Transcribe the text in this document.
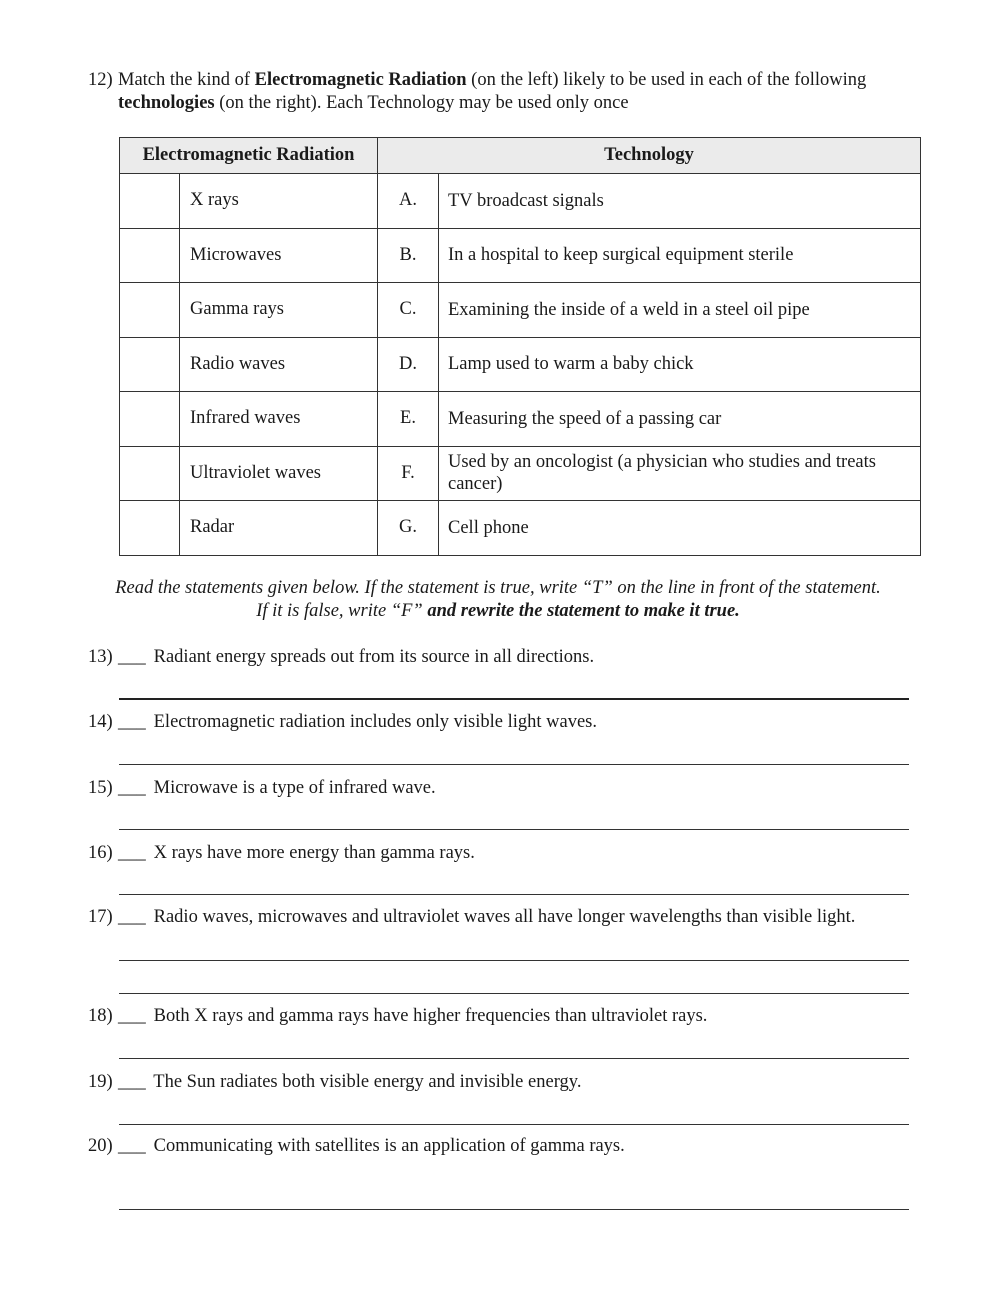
12) Match the kind of Electromagnetic Radiation (on the left) likely to be used in each of the following technologies (on the right). Each Technology may be used only once
Electromagnetic Radiation		Technology	
	X rays	A.	TV broadcast signals
	Microwaves	B.	In a hospital to keep surgical equipment sterile
	Gamma rays	C.	Examining the inside of a weld in a steel oil pipe
	Radio waves	D.	Lamp used to warm a baby chick
	Infrared waves	E.	Measuring the speed of a passing car
	Ultraviolet waves	F.	Used by an oncologist (a physician who studies and treats cancer)
	Radar	G.	Cell phone
Read the statements given below. If the statement is true, write “T” on the line in front of the statement.
If it is false, write “F” and rewrite the statement to make it true.
13) ___ Radiant energy spreads out from its source in all directions.
14) ___ Electromagnetic radiation includes only visible light waves.
15) ___ Microwave is a type of infrared wave.
16) ___ X rays have more energy than gamma rays.
17) ___ Radio waves, microwaves and ultraviolet waves all have longer wavelengths than visible light.
18) ___ Both X rays and gamma rays have higher frequencies than ultraviolet rays.
19) ___ The Sun radiates both visible energy and invisible energy.
20) ___ Communicating with satellites is an application of gamma rays.
